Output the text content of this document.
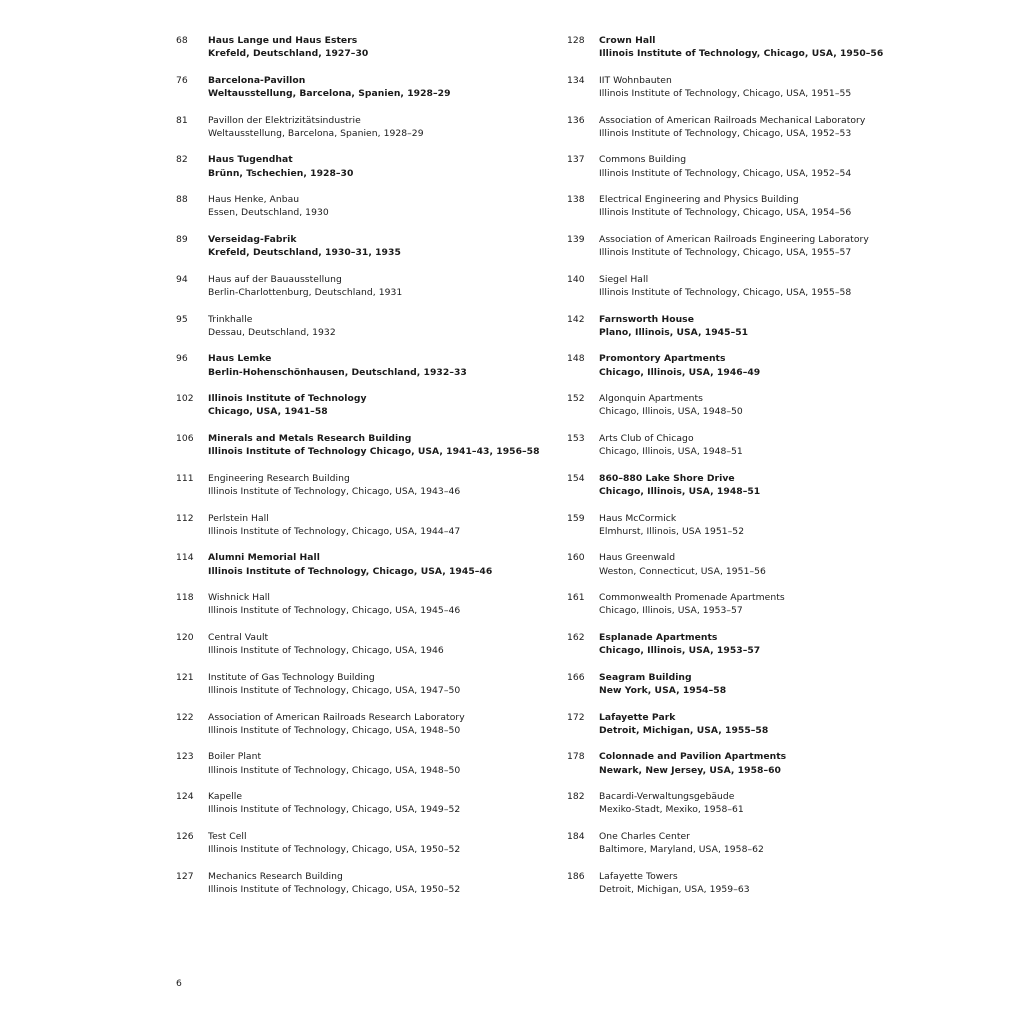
68	Haus Lange und Haus Esters
Krefeld, Deutschland, 1927–30
76	Barcelona-Pavillon
Weltausstellung, Barcelona, Spanien, 1928–29
81	Pavillon der Elektrizitätsindustrie
Weltausstellung, Barcelona, Spanien, 1928–29
82	Haus Tugendhat
Brünn, Tschechien, 1928–30
88	Haus Henke, Anbau
Essen, Deutschland, 1930
89	Verseidag-Fabrik
Krefeld, Deutschland, 1930–31, 1935
94	Haus auf der Bauausstellung
Berlin-Charlottenburg, Deutschland, 1931
95	Trinkhalle
Dessau, Deutschland, 1932
96	Haus Lemke
Berlin-Hohenschönhausen, Deutschland, 1932–33
102	Illinois Institute of Technology
Chicago, USA, 1941–58
106	Minerals and Metals Research Building
Illinois Institute of Technology Chicago, USA, 1941–43, 1956–58
111	Engineering Research Building
Illinois Institute of Technology, Chicago, USA, 1943–46
112	Perlstein Hall
Illinois Institute of Technology, Chicago, USA, 1944–47
114	Alumni Memorial Hall
Illinois Institute of Technology, Chicago, USA, 1945–46
118	Wishnick Hall
Illinois Institute of Technology, Chicago, USA, 1945–46
120	Central Vault
Illinois Institute of Technology, Chicago, USA, 1946
121	Institute of Gas Technology Building
Illinois Institute of Technology, Chicago, USA, 1947–50
122	Association of American Railroads Research Laboratory
Illinois Institute of Technology, Chicago, USA, 1948–50
123	Boiler Plant
Illinois Institute of Technology, Chicago, USA, 1948–50
124	Kapelle
Illinois Institute of Technology, Chicago, USA, 1949–52
126	Test Cell
Illinois Institute of Technology, Chicago, USA, 1950–52
127	Mechanics Research Building
Illinois Institute of Technology, Chicago, USA, 1950–52
128	Crown Hall
Illinois Institute of Technology, Chicago, USA, 1950–56
134	IIT Wohnbauten
Illinois Institute of Technology, Chicago, USA, 1951–55
136	Association of American Railroads Mechanical Laboratory
Illinois Institute of Technology, Chicago, USA, 1952–53
137	Commons Building
Illinois Institute of Technology, Chicago, USA, 1952–54
138	Electrical Engineering and Physics Building
Illinois Institute of Technology, Chicago, USA, 1954–56
139	Association of American Railroads Engineering Laboratory
Illinois Institute of Technology, Chicago, USA, 1955–57
140	Siegel Hall
Illinois Institute of Technology, Chicago, USA, 1955–58
142	Farnsworth House
Plano, Illinois, USA, 1945–51
148	Promontory Apartments
Chicago, Illinois, USA, 1946–49
152	Algonquin Apartments
Chicago, Illinois, USA, 1948–50
153	Arts Club of Chicago
Chicago, Illinois, USA, 1948–51
154	860–880 Lake Shore Drive
Chicago, Illinois, USA, 1948–51
159	Haus McCormick
Elmhurst, Illinois, USA 1951–52
160	Haus Greenwald
Weston, Connecticut, USA, 1951–56
161	Commonwealth Promenade Apartments
Chicago, Illinois, USA, 1953–57
162	Esplanade Apartments
Chicago, Illinois, USA, 1953–57
166	Seagram Building
New York, USA, 1954–58
172	Lafayette Park
Detroit, Michigan, USA, 1955–58
178	Colonnade and Pavilion Apartments
Newark, New Jersey, USA, 1958–60
182	Bacardi-Verwaltungsgebäude
Mexiko-Stadt, Mexiko, 1958–61
184	One Charles Center
Baltimore, Maryland, USA, 1958–62
186	Lafayette Towers
Detroit, Michigan, USA, 1959–63
6
